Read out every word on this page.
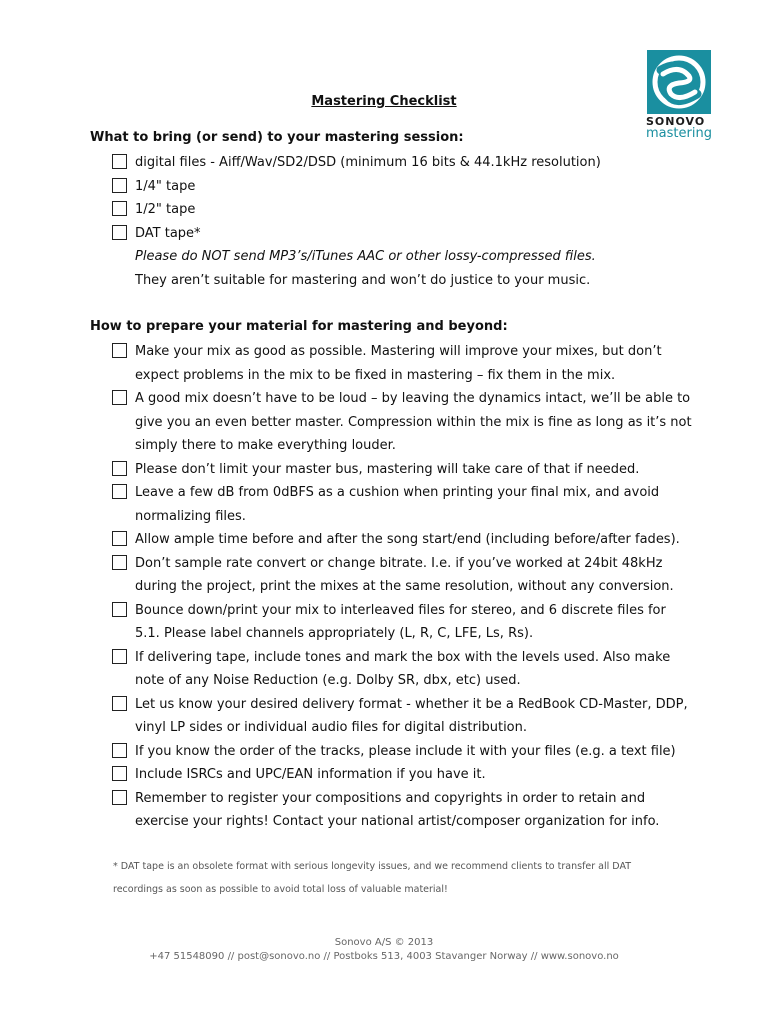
SONOVO
mastering
Mastering Checklist
What to bring (or send) to your mastering session:
digital files - Aiff/Wav/SD2/DSD (minimum 16 bits & 44.1kHz resolution)
1/4" tape
1/2" tape
DAT tape*
Please do NOT send MP3’s/iTunes AAC or other lossy-compressed files.
They aren’t suitable for mastering and won’t do justice to your music.
How to prepare your material for mastering and beyond:
Make your mix as good as possible. Mastering will improve your mixes, but don’t
expect problems in the mix to be fixed in mastering – fix them in the mix.
A good mix doesn’t have to be loud – by leaving the dynamics intact, we’ll be able to
give you an even better master. Compression within the mix is fine as long as it’s not
simply there to make everything louder.
Please don’t limit your master bus, mastering will take care of that if needed.
Leave a few dB from 0dBFS as a cushion when printing your final mix, and avoid
normalizing files.
Allow ample time before and after the song start/end (including before/after fades).
Don’t sample rate convert or change bitrate. I.e. if you’ve worked at 24bit 48kHz
during the project, print the mixes at the same resolution, without any conversion.
Bounce down/print your mix to interleaved files for stereo, and 6 discrete files for
5.1. Please label channels appropriately (L, R, C, LFE, Ls, Rs).
If delivering tape, include tones and mark the box with the levels used. Also make
note of any Noise Reduction (e.g. Dolby SR, dbx, etc) used.
Let us know your desired delivery format - whether it be a RedBook CD-Master, DDP,
vinyl LP sides or individual audio files for digital distribution.
If you know the order of the tracks, please include it with your files (e.g. a text file)
Include ISRCs and UPC/EAN information if you have it.
Remember to register your compositions and copyrights in order to retain and
exercise your rights! Contact your national artist/composer organization for info.
* DAT tape is an obsolete format with serious longevity issues, and we recommend clients to transfer all DAT
recordings as soon as possible to avoid total loss of valuable material!
Sonovo A/S © 2013
+47 51548090 // post@sonovo.no // Postboks 513, 4003 Stavanger Norway // www.sonovo.no
